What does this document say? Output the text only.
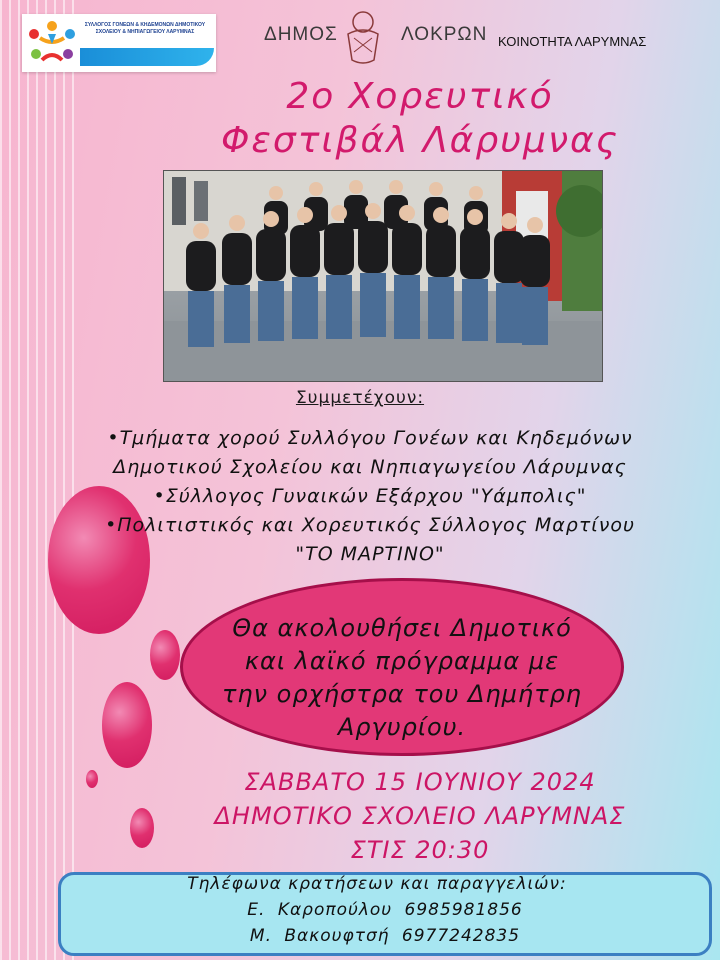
ΣΥΛΛΟΓΟΣ ΓΟΝΕΩΝ & ΚΗΔΕΜΟΝΩΝ ΔΗΜΟΤΙΚΟΥ ΣΧΟΛΕΙΟΥ & ΝΗΠΙΑΓΩΓΕΙΟΥ ΛΑΡΥΜΝΑΣ	ΔΗΜΟΣ ΛΟΚΡΩΝ ΚΟΙΝΟΤΗΤΑ ΛΑΡΥΜΝΑΣ
2ο Χορευτικό
Φεστιβάλ Λάρυμνας
Συμμετέχουν:
•Τμήματα χορού Συλλόγου Γονέων και Κηδεμόνων
Δημοτικού Σχολείου και Νηπιαγωγείου Λάρυμνας
•Σύλλογος Γυναικών Εξάρχου "Υάμπολις"
•Πολιτιστικός και Χορευτικός Σύλλογος Μαρτίνου
"ΤΟ ΜΑΡΤΙΝΟ"
Θα ακολουθήσει Δημοτικό
και λαϊκό πρόγραμμα με
την ορχήστρα του Δημήτρη
Αργυρίου.
ΣΑΒΒΑΤΟ 15 ΙΟΥΝΙΟΥ 2024
ΔΗΜΟΤΙΚΟ ΣΧΟΛΕΙΟ ΛΑΡΥΜΝΑΣ
ΣΤΙΣ 20:30
Τηλέφωνα κρατήσεων και παραγγελιών:
Ε. Καροπούλου 6985981856
Μ. Βακουφτσή 6977242835
